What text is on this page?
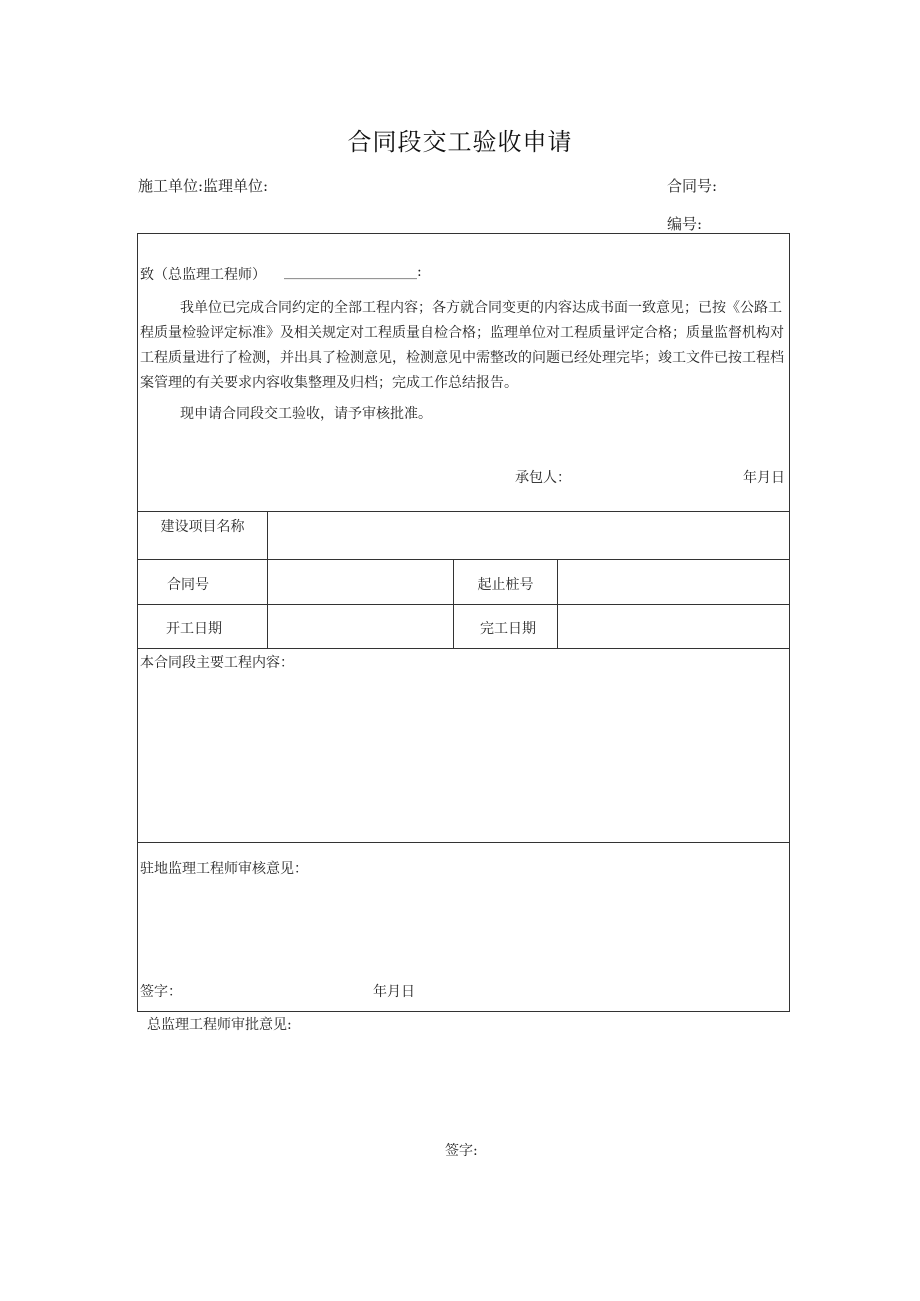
合同段交工验收申请
施工单位:监理单位:	合同号:
编号:
致（总监理工程师） ___________________:

我单位已完成合同约定的全部工程内容；各方就合同变更的内容达成书面一致意见；已按《公路工程质量检验评定标准》及相关规定对工程质量自检合格；监理单位对工程质量评定合格；质量监督机构对工程质量进行了检测，并出具了检测意见，检测意见中需整改的问题已经处理完毕；竣工文件已按工程档案管理的有关要求内容收集整理及归档；完成工作总结报告。

现申请合同段交工验收，请予审核批准。

承包人：	年月日
建设项目名称
合同号	起止桩号
开工日期	完工日期
本合同段主要工程内容：
驻地监理工程师审核意见：
签字：	年月日
总监理工程师审批意见:
签字:
